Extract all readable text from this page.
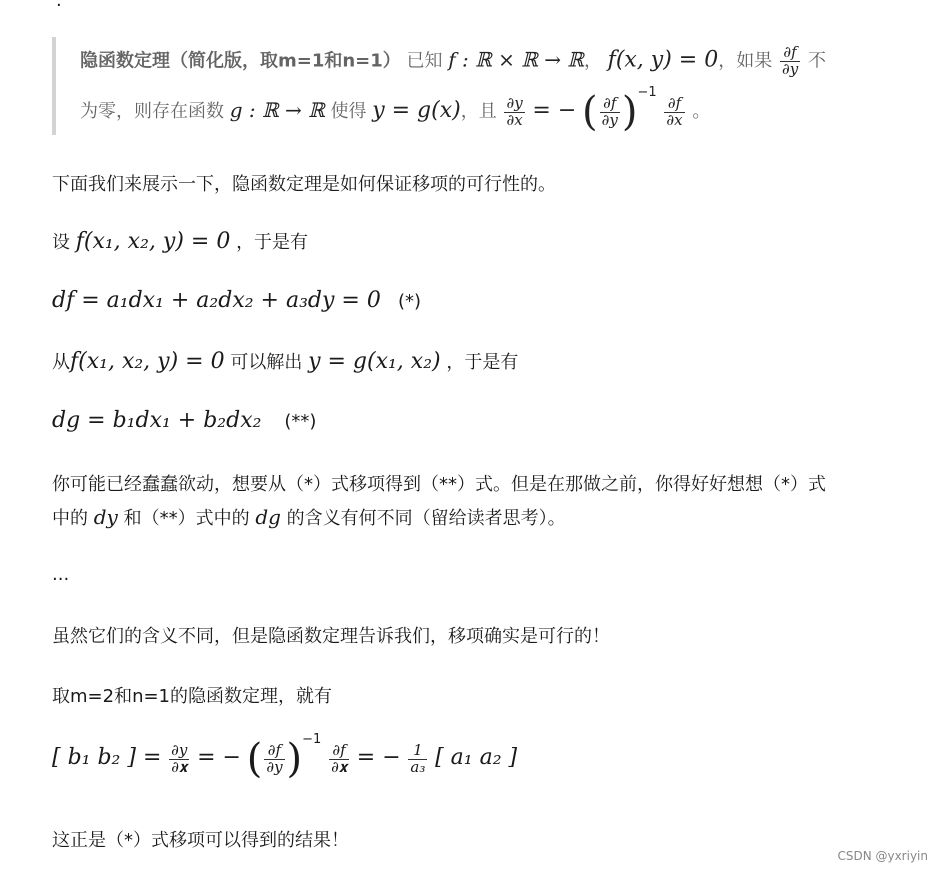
.
隐函数定理（简化版，取m=1和n=1） 已知 f : ℝ × ℝ → ℝ， f(x, y) = 0，如果 $\frac{\partial f}{\partial y}$ 不
为零，则存在函数 g : ℝ → ℝ 使得 y = g(x)，且 $\frac{\partial y}{\partial x}$ = − ( $\frac{\partial f}{\partial y} )^{-1}$
$\frac{\partial f}{\partial x}$ 。
下面我们来展示一下，隐函数定理是如何保证移项的可行性的。
设 f(x₁, x₂, y) = 0 ，于是有
df = a₁dx₁ + a₂dx₂ + a₃dy = 0 (*)
从f(x₁, x₂, y) = 0 可以解出 y = g(x₁, x₂) ，于是有
dg = b₁dx₁ + b₂dx₂ (**)
你可能已经蠢蠢欲动，想要从（*）式移项得到（**）式。但是在那做之前，你得好好想想（*）式
中的 dy 和（**）式中的 dg 的含义有何不同（留给读者思考）。
...
虽然它们的含义不同，但是隐函数定理告诉我们，移项确实是可行的！
取m=2和n=1的隐函数定理，就有
[ b₁ b₂ ] = $\frac{\partial y}{\text{∂𝐱}}$ = − ( $\frac{\partial f}{\partial y} )^{-1}$
$\frac{\partial f}{\text{∂𝐱}}$ = − $\frac{1}{\text{a₃}}$ [ a₁ a₂ ]
这正是（*）式移项可以得到的结果！
CSDN @yxriyin
